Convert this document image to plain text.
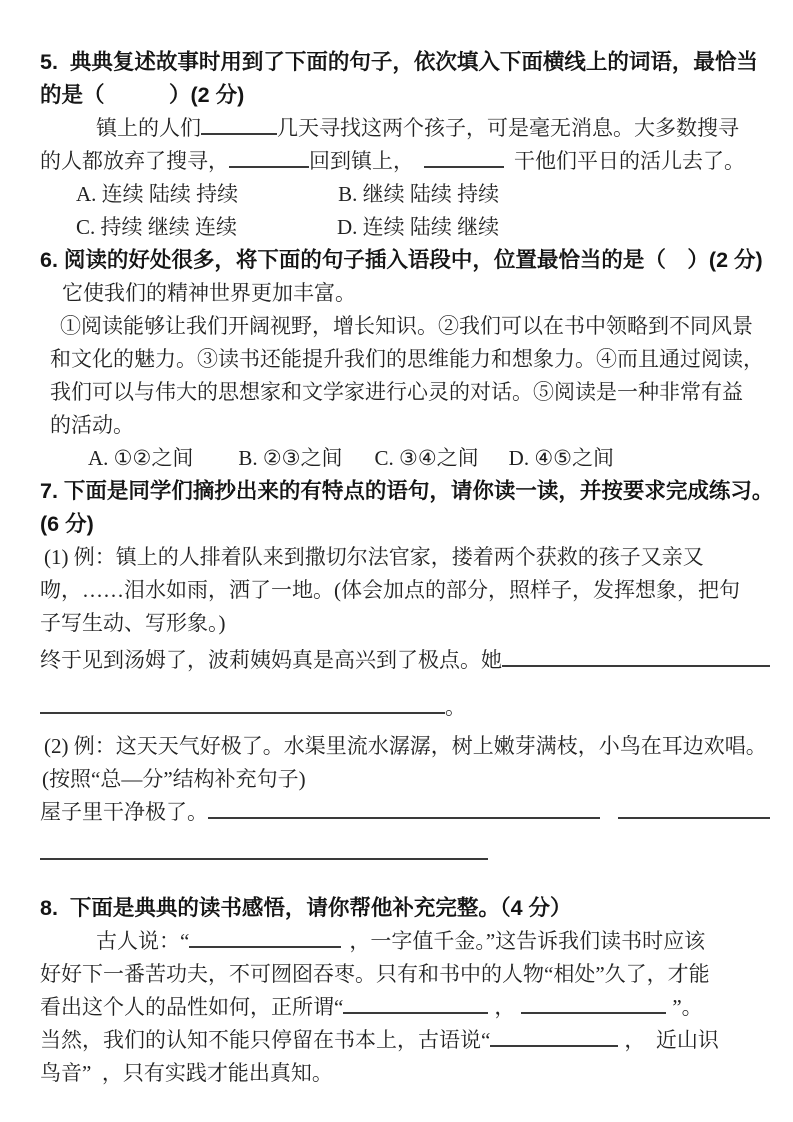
5.  典典复述故事时用到了下面的句子，依次填入下面横线上的词语，最恰当
的是（　　　）(2 分)
镇上的人们	几天寻找这两个孩子，可是毫无消息。大多数搜寻
的人都放弃了搜寻，	回到镇上，	干他们平日的活儿去了。
A. 连续 陆续 持续	B. 继续 陆续 持续
C. 持续 继续 连续	D. 连续 陆续 继续
6. 阅读的好处很多，将下面的句子插入语段中，位置最恰当的是（　）(2 分)
它使我们的精神世界更加丰富。
①阅读能够让我们开阔视野，增长知识。②我们可以在书中领略到不同风景
和文化的魅力。③读书还能提升我们的思维能力和想象力。④而且通过阅读，
我们可以与伟大的思想家和文学家进行心灵的对话。⑤阅读是一种非常有益
的活动。
A. ①②之间 B. ②③之间 C. ③④之间 D. ④⑤之间
7. 下面是同学们摘抄出来的有特点的语句，请你读一读，并按要求完成练习。
(6 分)
(1) 例：镇上的人排着队来到撒切尔法官家，搂着两个获救的孩子又亲又
吻，……泪水如雨，洒了一地。(体会加点的部分，照样子，发挥想象，把句
子写生动、写形象。)
终于见到汤姆了，波莉姨妈真是高兴到了极点。她
。
(2) 例：这天天气好极了。水渠里流水潺潺，树上嫩芽满枝，小鸟在耳边欢唱。
(按照“总—分”结构补充句子)
屋子里干净极了。
8.  下面是典典的读书感悟，请你帮他补充完整。（4 分）
古人说：“	，一字值千金。”这告诉我们读书时应该
好好下一番苦功夫，不可囫囵吞枣。只有和书中的人物“相处”久了，才能
看出这个人的品性如何，正所谓“	，	”。
当然，我们的认知不能只停留在书本上，古语说“	，  近山识
鸟音”  ，只有实践才能出真知。
